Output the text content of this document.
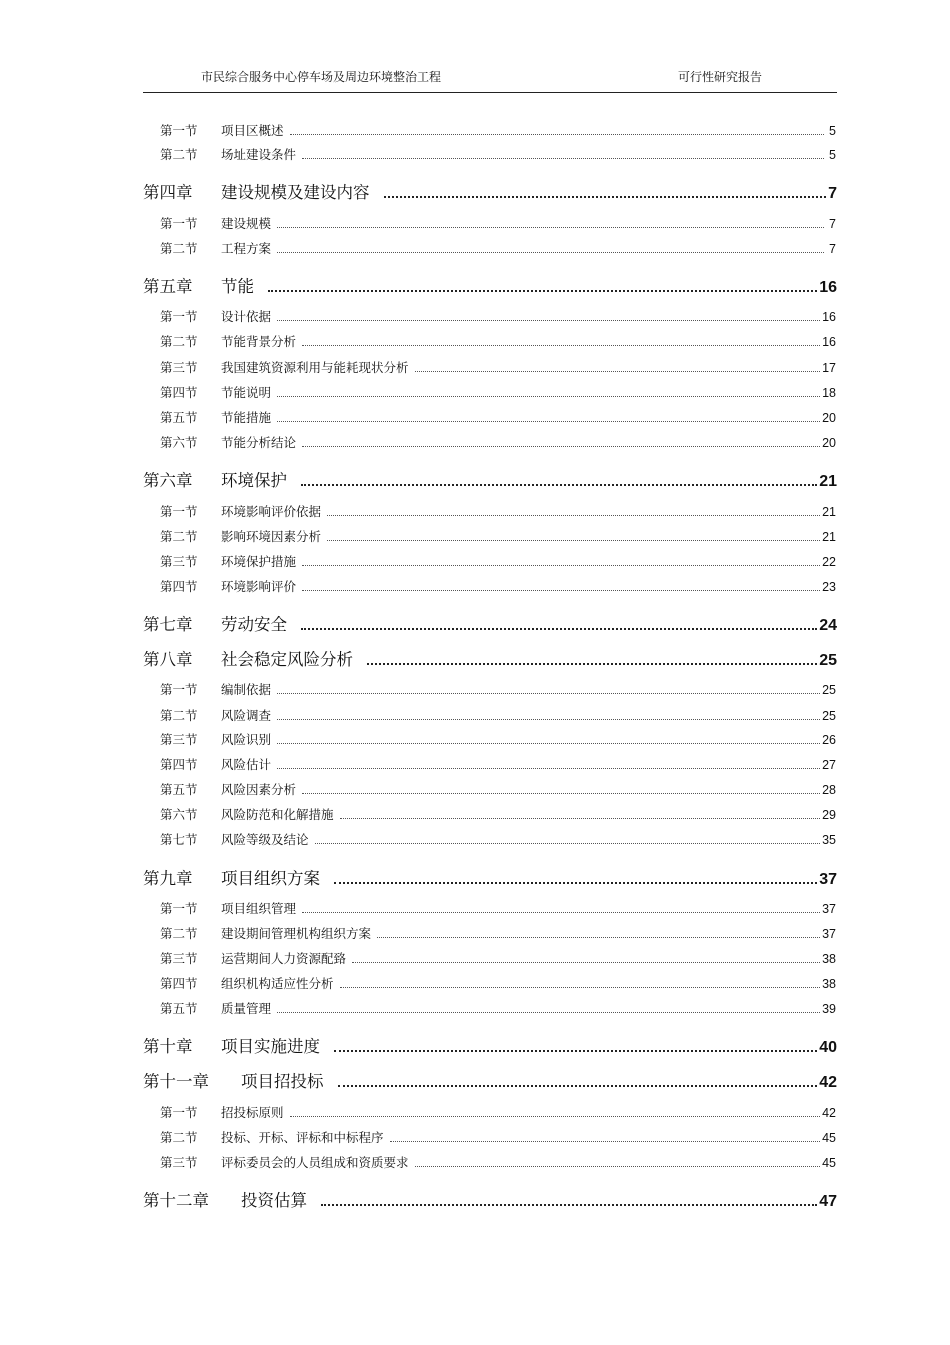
市民综合服务中心停车场及周边环境整治工程	可行性研究报告
第一节	项目区概述	5
第二节	场址建设条件	5
第四章	建设规模及建设内容	7
第一节	建设规模	7
第二节	工程方案	7
第五章	节能	16
第一节	设计依据	16
第二节	节能背景分析	16
第三节	我国建筑资源利用与能耗现状分析	17
第四节	节能说明	18
第五节	节能措施	20
第六节	节能分析结论	20
第六章	环境保护	21
第一节	环境影响评价依据	21
第二节	影响环境因素分析	21
第三节	环境保护措施	22
第四节	环境影响评价	23
第七章	劳动安全	24
第八章	社会稳定风险分析	25
第一节	编制依据	25
第二节	风险调查	25
第三节	风险识别	26
第四节	风险估计	27
第五节	风险因素分析	28
第六节	风险防范和化解措施	29
第七节	风险等级及结论	35
第九章	项目组织方案	37
第一节	项目组织管理	37
第二节	建设期间管理机构组织方案	37
第三节	运营期间人力资源配臵	38
第四节	组织机构适应性分析	38
第五节	质量管理	39
第十章	项目实施进度	40
第十一章	项目招投标	42
第一节	招投标原则	42
第二节	投标、开标、评标和中标程序	45
第三节	评标委员会的人员组成和资质要求	45
第十二章	投资估算	47
